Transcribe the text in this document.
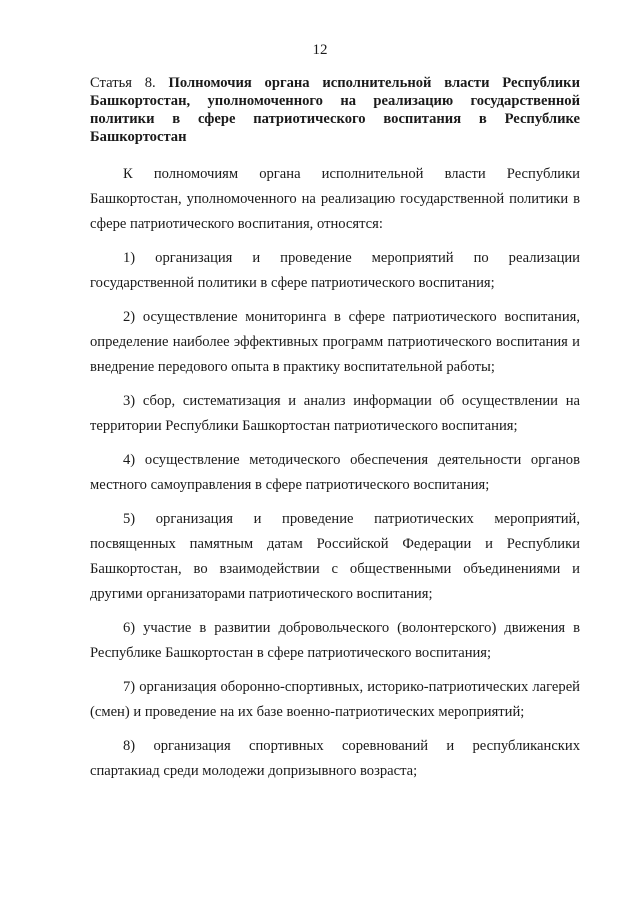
12
Статья 8. Полномочия органа исполнительной власти Республики Башкортостан, уполномоченного на реализацию государственной политики в сфере патриотического воспитания в Республике Башкортостан

К полномочиям органа исполнительной власти Республики Башкортостан, уполномоченного на реализацию государственной политики в сфере патриотического воспитания, относятся:

1) организация и проведение мероприятий по реализации государственной политики в сфере патриотического воспитания;

2) осуществление мониторинга в сфере патриотического воспитания, определение наиболее эффективных программ патриотического воспитания и внедрение передового опыта в практику воспитательной работы;

3) сбор, систематизация и анализ информации об осуществлении на территории Республики Башкортостан патриотического воспитания;

4) осуществление методического обеспечения деятельности органов местного самоуправления в сфере патриотического воспитания;

5) организация и проведение патриотических мероприятий, посвященных памятным датам Российской Федерации и Республики Башкортостан, во взаимодействии с общественными объединениями и другими организаторами патриотического воспитания;

6) участие в развитии добровольческого (волонтерского) движения в Республике Башкортостан в сфере патриотического воспитания;

7) организация оборонно-спортивных, историко-патриотических лагерей (смен) и проведение на их базе военно-патриотических мероприятий;

8) организация спортивных соревнований и республиканских спартакиад среди молодежи допризывного возраста;
